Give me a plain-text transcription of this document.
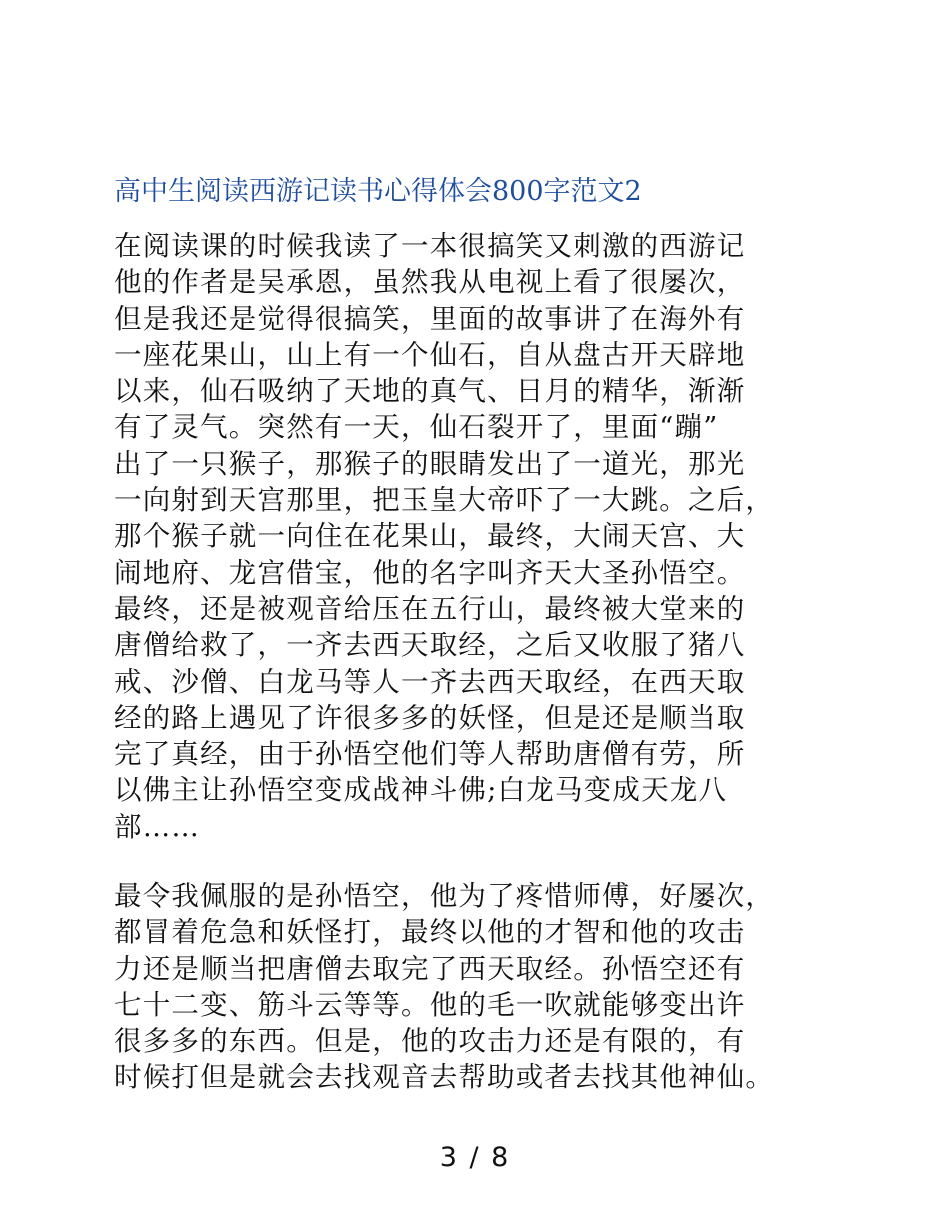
高中生阅读西游记读书心得体会800字范文2
在阅读课的时候我读了一本很搞笑又刺激的西游记
他的作者是吴承恩，虽然我从电视上看了很屡次，
但是我还是觉得很搞笑，里面的故事讲了在海外有
一座花果山，山上有一个仙石，自从盘古开天辟地
以来，仙石吸纳了天地的真气、日月的精华，渐渐
有了灵气。突然有一天，仙石裂开了，里面“蹦”
出了一只猴子，那猴子的眼睛发出了一道光，那光
一向射到天宫那里，把玉皇大帝吓了一大跳。之后，
那个猴子就一向住在花果山，最终，大闹天宫、大
闹地府、龙宫借宝，他的名字叫齐天大圣孙悟空。
最终，还是被观音给压在五行山，最终被大堂来的
唐僧给救了，一齐去西天取经，之后又收服了猪八
戒、沙僧、白龙马等人一齐去西天取经，在西天取
经的路上遇见了许很多多的妖怪，但是还是顺当取
完了真经，由于孙悟空他们等人帮助唐僧有劳，所
以佛主让孙悟空变成战神斗佛;白龙马变成天龙八
部……
最令我佩服的是孙悟空，他为了疼惜师傅，好屡次，
都冒着危急和妖怪打，最终以他的才智和他的攻击
力还是顺当把唐僧去取完了西天取经。孙悟空还有
七十二变、筋斗云等等。他的毛一吹就能够变出许
很多多的东西。但是，他的攻击力还是有限的，有
时候打但是就会去找观音去帮助或者去找其他神仙。
3 / 8
